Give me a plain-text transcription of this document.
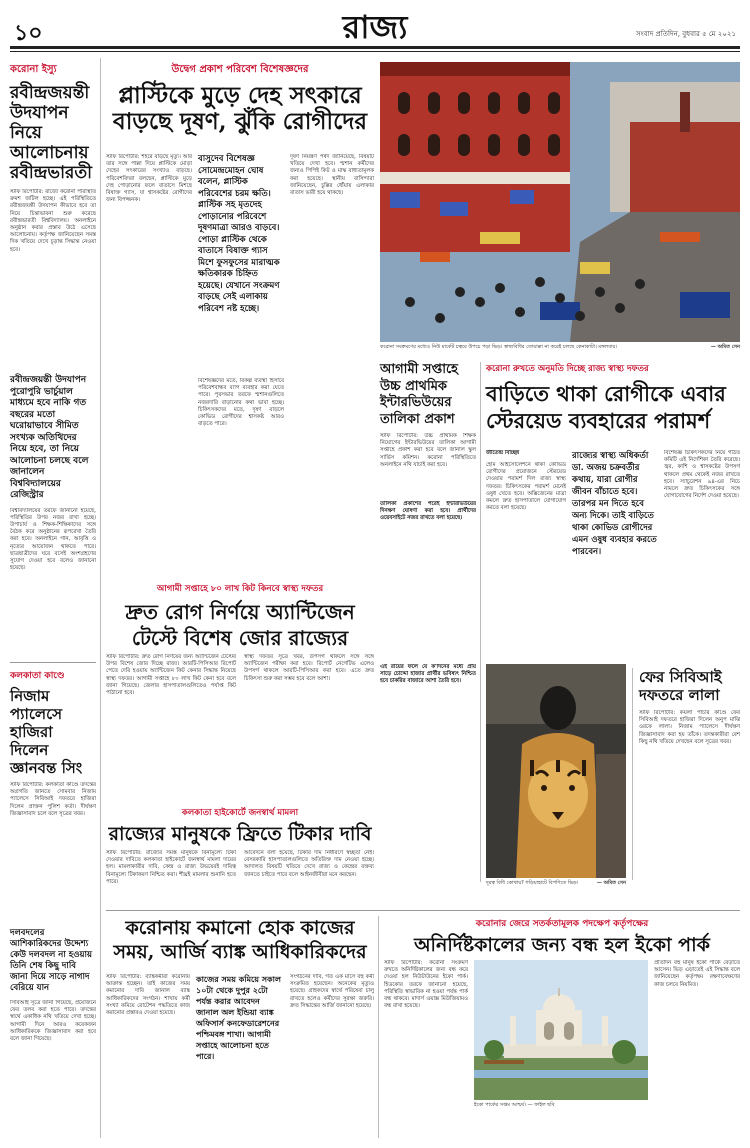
১০	রাজ্য	সংবাদ প্রতিদিন, বুধবার ৫ মে ২০২১
করোনা ইস্যু
রবীন্দ্রজয়ন্তী উদযাপন নিয়ে আলোচনায় রবীন্দ্রভারতী
স্টাফ রিপোর্টার: রাজ্যে করোনা পরিস্থিতি ক্রমশ জটিল হচ্ছে। এই পরিস্থিতিতে রবীন্দ্রজয়ন্তী উদযাপন কীভাবে হবে তা নিয়ে চিন্তাভাবনা শুরু করেছে রবীন্দ্রভারতী বিশ্ববিদ্যালয়। অনলাইনে অনুষ্ঠান করার প্রস্তাব উঠে এসেছে আলোচনায়। কর্তৃপক্ষ জানিয়েছেন সমস্ত দিক খতিয়ে দেখে চূড়ান্ত সিদ্ধান্ত নেওয়া হবে।
রবীন্দ্রজয়ন্তী উদযাপন পুরোপুরি ভার্চুয়াল মাধ্যমে হবে নাকি গত বছরের মতো ঘরোয়াভাবে সীমিত সংখ্যক অতিথিদের নিয়ে হবে, তা নিয়ে আলোচনা চলছে বলে জানালেন বিশ্ববিদ্যালয়ের রেজিস্ট্রার
বিশ্ববিদ্যালয়ের তরফে জানানো হয়েছে, পরিস্থিতির উপর নজর রাখা হচ্ছে। উপাচার্য ও শিক্ষক-শিক্ষিকাদের সঙ্গে বৈঠক করে অনুষ্ঠানের রূপরেখা তৈরি করা হবে। অনলাইনে গান, আবৃত্তি ও নৃত্যের আয়োজন থাকতে পারে। ছাত্রছাত্রীদের ঘরে বসেই অংশগ্রহণের সুযোগ দেওয়া হবে বলেও জানানো হয়েছে।
কলকাতা কাণ্ডে
নিজাম প্যালেসে হাজিরা দিলেন জ্ঞানবন্ত সিং
স্টাফ রিপোর্টার: কলকাতা কাণ্ডে তদন্তের অগ্রগতি জানতে সোমবার নিজাম প্যালেসে সিবিআই দফতরে হাজিরা দিলেন প্রাক্তন পুলিশ কর্তা। দীর্ঘক্ষণ জিজ্ঞাসাবাদ চলে বলে সূত্রের খবর।
দলবদলের আশিকারিকদের উদ্দেশ্য কেউ দলবদল না হওয়ায় তিনি শেষ কিছু দাবি জানা দিয়ে সাড়ে নাগাদ বেরিয়ে যান
সিবিআই সূত্রে জানা গিয়েছে, প্রয়োজনে ফের তলব করা হতে পারে। তদন্তের স্বার্থে একাধিক নথি খতিয়ে দেখা হচ্ছে। আগামী দিনে আরও কয়েকজন আধিকারিককে জিজ্ঞাসাবাদ করা হবে বলে জানা গিয়েছে।
উদ্বেগ প্রকাশ পরিবেশ বিশেষজ্ঞদের
প্লাস্টিকে মুড়ে দেহ সৎকারে
বাড়ছে দূষণ, ঝুঁকি রোগীদের
স্টাফ রিপোর্টার: শহরে বাড়ছে মৃত্যু। আর তার সঙ্গে পাল্লা দিয়ে প্লাস্টিকে মোড়া দেহের সৎকারের সংখ্যাও বাড়ছে। পরিবেশবিদরা বলছেন, প্লাস্টিকে মুড়ে দেহ পোড়ানোর ফলে বাতাসে মিশছে বিষাক্ত গ্যাস, যা শ্বাসকষ্টের রোগীদের জন্য বিপজ্জনক।
বাসুদেব বিশেষজ্ঞ সোমেন্দ্রমোহন ঘোষ বলেন, প্লাস্টিক পরিবেশের চরম ক্ষতি। প্লাস্টিক সহ মৃতদেহ পোড়ানোর পরিবেশে দূষণমাত্রা আরও বাড়বে। পোড়া প্লাস্টিক থেকে বাতাসে বিষাক্ত গ্যাস মিশে ফুসফুসের মারাত্মক ক্ষতিকারক চিহ্নিত হয়েছে। যেখানে সংক্রমণ বাড়ছে সেই এলাকায় পরিবেশ নষ্ট হচ্ছে।
বিশেষজ্ঞদের মতে, বিকল্প ব্যবস্থা হিসাবে পরিবেশবান্ধব ব্যাগ ব্যবহার করা যেতে পারে। পুরসভার তরফে শ্মশানগুলিতে নজরদারি বাড়ানোর কথা ভাবা হচ্ছে। চিকিৎসকদের মতে, দূষণ বাড়লে কোভিড রোগীদের শ্বাসকষ্ট আরও বাড়তে পারে।
দূষণ নিয়ন্ত্রণ পর্ষদ জানিয়েছে, বিষয়টি খতিয়ে দেখা হবে। শ্মশান কর্মীদের জন্যও পিপিই কিট ও মাস্ক বাধ্যতামূলক করা হয়েছে। স্থানীয় বাসিন্দারা জানিয়েছেন, চুল্লির ধোঁয়ায় এলাকার বাতাস ভারী হয়ে থাকছে।
করোনা সংক্রমণের মধ্যেও নিউ মার্কেট চত্বরে উপচে পড়া ভিড়। স্বাস্থ্যবিধির তোয়াক্কা না করেই চলছে কেনাকাটা। মঙ্গলবার।	— অমিত সেন
আগামী সপ্তাহে উচ্চ প্রাথমিক ইন্টারভিউয়ের তালিকা প্রকাশ
স্টাফ রিপোর্টার: উচ্চ প্রাথমিক শিক্ষক নিয়োগের ইন্টারভিউয়ের তালিকা আগামী সপ্তাহে প্রকাশ করা হবে বলে জানাল স্কুল সার্ভিস কমিশন। করোনা পরিস্থিতিতে অনলাইনে নথি যাচাই করা হবে।
তালিকা প্রকাশের পরেই ইন্টারভিউয়ের দিনক্ষণ ঘোষণা করা হবে। প্রার্থীদের ওয়েবসাইটে নজর রাখতে বলা হয়েছে।
করোনা রুখতে অনুমতি দিচ্ছে রাজ্য স্বাস্থ্য দফতর
বাড়িতে থাকা রোগীকে এবার স্টেরয়েড ব্যবহারের পরামর্শ
জীতেন্দ্র বিচ্ছিন্ন
হোম আইসোলেশনে থাকা কোভিড রোগীদের প্রয়োজনে স্টেরয়েড দেওয়ার পরামর্শ দিল রাজ্য স্বাস্থ্য দফতর। চিকিৎসকের পরামর্শ মেনেই ওষুধ খেতে হবে। অক্সিজেনের মাত্রা কমলে দ্রুত হাসপাতালে যোগাযোগ করতে বলা হয়েছে।
রাজ্যের স্বাস্থ্য অধিকর্তা ডা. অজয় চক্রবর্তীর কথায়, যারা রোগীর জীবন বাঁচাতে হবে। তারপর মন দিতে হবে অন্য দিকে। তাই বাড়িতে থাকা কোভিড রোগীদের এমন ওষুধ ব্যবহার করতে পারবেন।
বিশেষজ্ঞ চিকিৎসকদের নিয়ে গঠিত কমিটি এই নির্দেশিকা তৈরি করেছে। জ্বর, কাশি ও শ্বাসকষ্টের উপসর্গ থাকলে প্রথম থেকেই নজর রাখতে হবে। স্যাচুরেশন ৯৪-এর নিচে নামলে দ্রুত চিকিৎসকের সঙ্গে যোগাযোগের নির্দেশ দেওয়া হয়েছে।
আগামী সপ্তাহে ৮০ লাখ কিট কিনবে স্বাস্থ্য দফতর
দ্রুত রোগ নির্ণয়ে অ্যান্টিজেন টেস্টে বিশেষ জোর রাজ্যের
স্টাফ রিপোর্টার: দ্রুত রোগ নির্ণয়ের জন্য অ্যান্টিজেন টেস্টের উপর বিশেষ জোর দিচ্ছে রাজ্য। আরটি-পিসিআর রিপোর্ট পেতে দেরি হওয়ায় অ্যান্টিজেন কিট কেনার সিদ্ধান্ত নিয়েছে স্বাস্থ্য দফতর। আগামী সপ্তাহে ৮০ লাখ কিট কেনা হবে বলে জানা গিয়েছে। জেলার হাসপাতালগুলিতেও পর্যাপ্ত কিট পাঠানো হবে।
স্বাস্থ্য দফতর সূত্রে খবর, উপসর্গ থাকলে সঙ্গে সঙ্গে অ্যান্টিজেন পরীক্ষা করা হবে। রিপোর্ট নেগেটিভ এলেও উপসর্গ থাকলে আরটি-পিসিআর করা হবে। এতে দ্রুত চিকিৎসা শুরু করা সম্ভব হবে বলে আশা।
দূরত্ব বিধি কোথায়? গড়িয়াহাটে বিপণিতে ভিড়।	— অমিত সেন
এই রায়ের ফলে যে ক'দিনের মধ্যে প্রায় সাড়ে চোদ্দো হাজার প্রার্থীর ভবিষ্যৎ নিশ্চিত হবে চাকরির বাজারে আশা তৈরি হবে।	ফের সিবিআই দফতরে লালা
স্টাফ রিপোর্টার: কয়লা পাচার কাণ্ডে ফের সিবিআই দফতরে হাজিরা দিলেন অনুপ মাঝি ওরফে লালা। নিজাম প্যালেসে দীর্ঘক্ষণ জিজ্ঞাসাবাদ করা হয় তাঁকে। তদন্তকারীরা বেশ কিছু নথি খতিয়ে দেখছেন বলে সূত্রের খবর।
কলকাতা হাইকোর্টে জনস্বার্থ মামলা
রাজ্যের মানুষকে ফ্রিতে টিকার দাবি
স্টাফ রিপোর্টার: রাজ্যের সমস্ত মানুষকে বিনামূল্যে টিকা দেওয়ার দাবিতে কলকাতা হাইকোর্টে জনস্বার্থ মামলা দায়ের হল। মামলাকারীর দাবি, কেন্দ্র ও রাজ্য উভয়েরই দায়িত্ব বিনামূল্যে টিকাকরণ নিশ্চিত করা। শীঘ্রই মামলার শুনানি হতে পারে।
আবেদনে বলা হয়েছে, টিকার দাম নির্ধারণে স্বচ্ছতা নেই। বেসরকারি হাসপাতালগুলিতে অতিরিক্ত দাম নেওয়া হচ্ছে। আদালত বিষয়টি খতিয়ে দেখে রাজ্য ও কেন্দ্রের বক্তব্য জানতে চাইতে পারে বলে আইনজীবীরা মনে করছেন।
করোনায় কমানো হোক কাজের
সময়, আর্জি ব্যাঙ্ক আধিকারিকদের
স্টাফ রিপোর্টার: ব্যাঙ্ককর্মীরা করোনায় আক্রান্ত হচ্ছেন। তাই কাজের সময় কমানোর দাবি জানাল ব্যাঙ্ক আধিকারিকদের সংগঠন। শাখায় কর্মী সংখ্যা কমিয়ে রোটেশন পদ্ধতিতে কাজ করানোর প্রস্তাবও দেওয়া হয়েছে।
কাজের সময় কমিয়ে সকাল ১০টা থেকে দুপুর ২টো পর্যন্ত করার আবেদন জানাল অল ইন্ডিয়া ব্যাঙ্ক অফিসার্স কনফেডারেশনের পশ্চিমবঙ্গ শাখা। আগামী সপ্তাহে আলোচনা হতে পারে।
সংগঠনের দাবি, গত এক মাসে বহু কর্মী সংক্রমিত হয়েছেন। অনেকের মৃত্যুও হয়েছে। গ্রাহকদের স্বার্থে পরিষেবা চালু রাখতে হলেও কর্মীদের সুরক্ষা জরুরি। দ্রুত সিদ্ধান্তের আর্জি জানানো হয়েছে।
করোনার জেরে সতর্কতামূলক পদক্ষেপ কর্তৃপক্ষের
অনির্দিষ্টকালের জন্য বন্ধ হল ইকো পার্ক
স্টাফ রিপোর্টার: করোনা সংক্রমণ রুখতে অনির্দিষ্টকালের জন্য বন্ধ করে দেওয়া হল নিউটাউনের ইকো পার্ক। হিডকোর তরফে জানানো হয়েছে, পরিস্থিতি স্বাভাবিক না হওয়া পর্যন্ত পার্ক বন্ধ থাকবে। মাদার্স ওয়াক্স মিউজিয়ামও বন্ধ রাখা হয়েছে।
ইকো পার্কের সপ্তম আশ্চর্য। — ফাইল ছবি
প্রতিদিন বহু মানুষ ইকো পার্কে বেড়াতে আসেন। ভিড় এড়াতেই এই সিদ্ধান্ত বলে জানিয়েছেন কর্তৃপক্ষ। রক্ষণাবেক্ষণের কাজ চলবে নিয়মিত।
